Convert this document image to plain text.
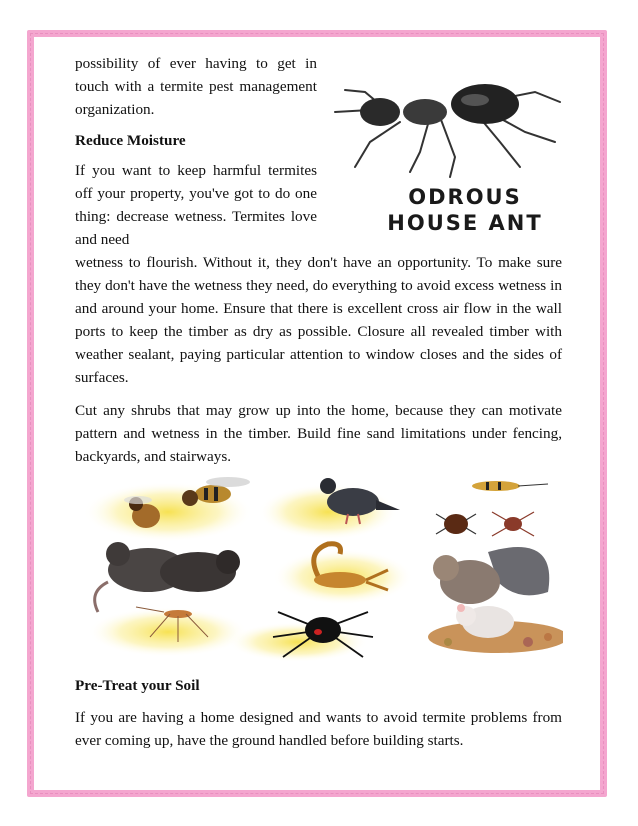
ODROUS
HOUSE ANT

possibility of ever having to get in touch with a termite pest management organization.

Reduce Moisture

If you want to keep harmful termites off your property, you've got to do one thing: decrease wetness. Termites love and need

wetness to flourish. Without it, they don't have an opportunity. To make sure they don't have the wetness they need, do everything to avoid excess wetness in and around your home. Ensure that there is excellent cross air flow in the wall ports to keep the timber as dry as possible. Closure all revealed timber with weather sealant, paying particular attention to window closes and the sides of surfaces.

Cut any shrubs that may grow up into the home, because they can motivate pattern and wetness in the timber. Build fine sand limitations under fencing, backyards, and stairways.

Pre-Treat your Soil

If you are having a home designed and wants to avoid termite problems from ever coming up, have the ground handled before building starts.
